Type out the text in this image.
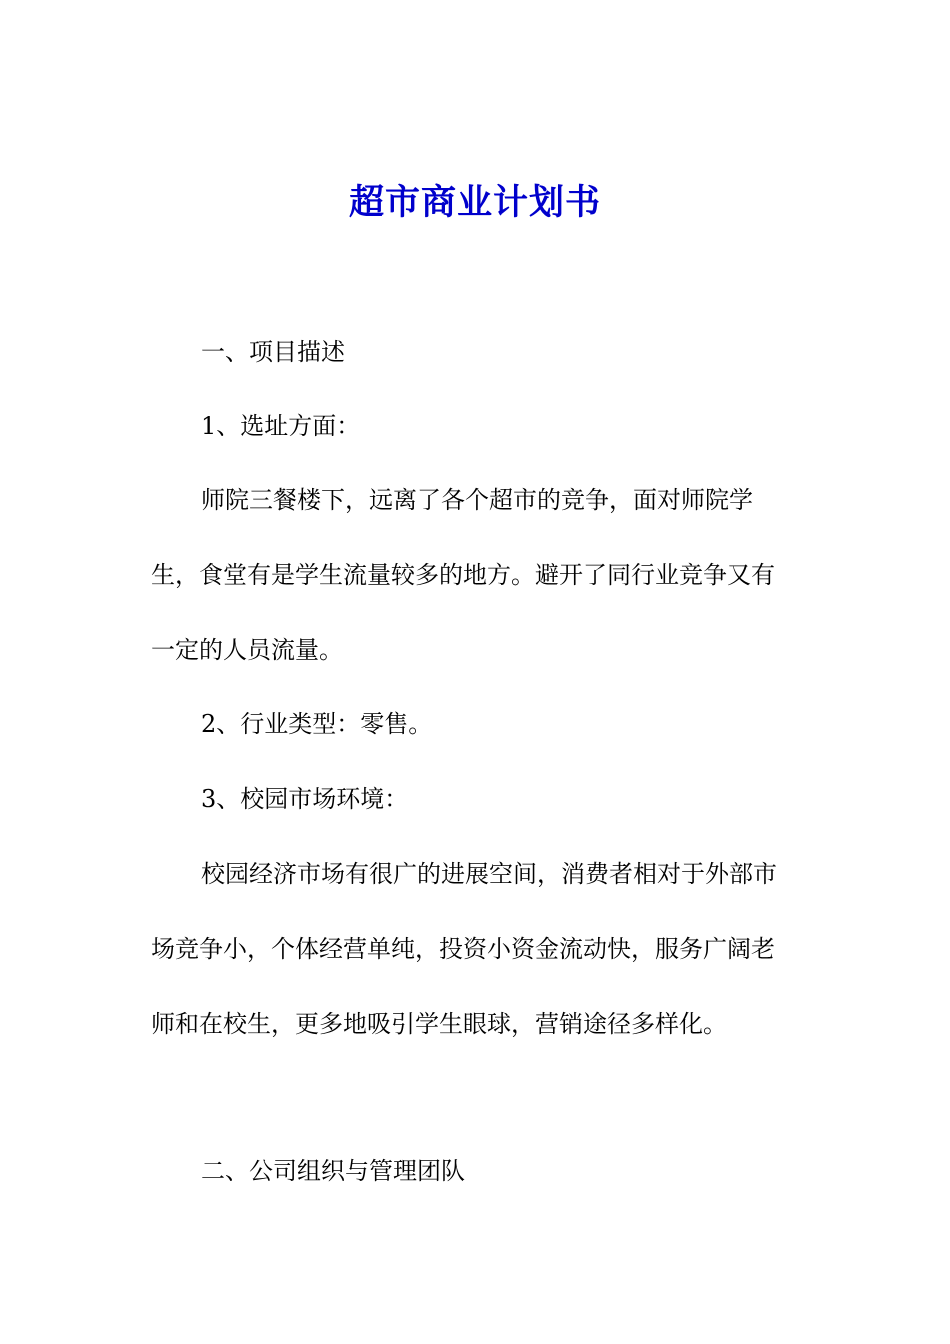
超市商业计划书

一、项目描述

1、选址方面：

师院三餐楼下，远离了各个超市的竞争，面对师院学生，食堂有是学生流量较多的地方。避开了同行业竞争又有一定的人员流量。

2、行业类型：零售。

3、校园市场环境：

校园经济市场有很广的进展空间，消费者相对于外部市场竞争小，个体经营单纯，投资小资金流动快，服务广阔老师和在校生，更多地吸引学生眼球，营销途径多样化。

二、公司组织与管理团队
